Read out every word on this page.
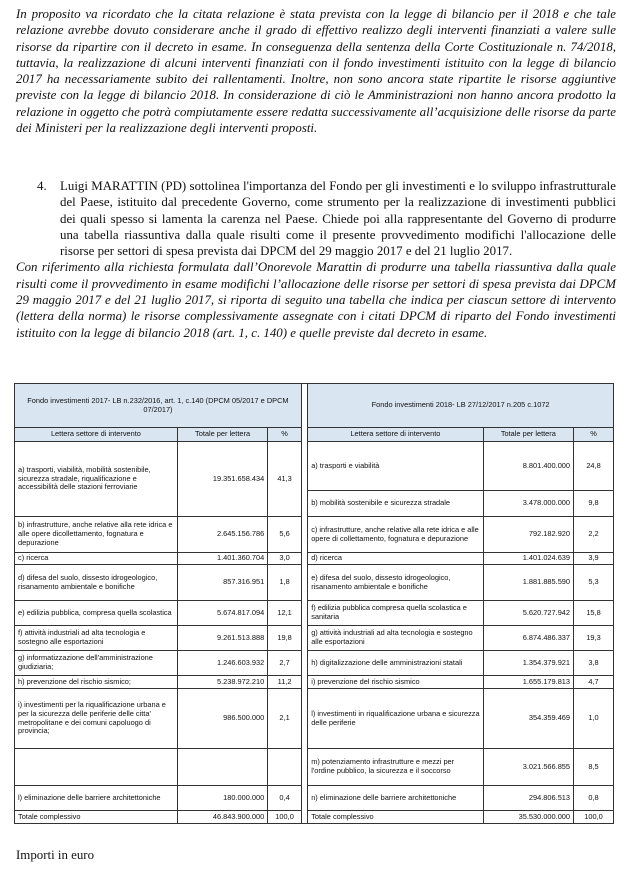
In proposito va ricordato che la citata relazione è stata prevista con la legge di bilancio per il 2018 e che tale relazione avrebbe dovuto considerare anche il grado di effettivo realizzo degli interventi finanziati a valere sulle risorse da ripartire con il decreto in esame. In conseguenza della sentenza della Corte Costituzionale n. 74/2018, tuttavia, la realizzazione di alcuni interventi finanziati con il fondo investimenti istituito con la legge di bilancio 2017 ha necessariamente subito dei rallentamenti. Inoltre, non sono ancora state ripartite le risorse aggiuntive previste con la legge di bilancio 2018. In considerazione di ciò le Amministrazioni non hanno ancora prodotto la relazione in oggetto che potrà compiutamente essere redatta successivamente all’acquisizione delle risorse da parte dei Ministeri per la realizzazione degli interventi proposti.

4. Luigi MARATTIN (PD) sottolinea l'importanza del Fondo per gli investimenti e lo sviluppo infrastrutturale del Paese, istituito dal precedente Governo, come strumento per la realizzazione di investimenti pubblici dei quali spesso si lamenta la carenza nel Paese. Chiede poi alla rappresentante del Governo di produrre una tabella riassuntiva dalla quale risulti come il presente provvedimento modifichi l'allocazione delle risorse per settori di spesa prevista dai DPCM del 29 maggio 2017 e del 21 luglio 2017.

Con riferimento alla richiesta formulata dall’Onorevole Marattin di produrre una tabella riassuntiva dalla quale risulti come il provvedimento in esame modifichi l’allocazione delle risorse per settori di spesa prevista dai DPCM 29 maggio 2017 e del 21 luglio 2017, si riporta di seguito una tabella che indica per ciascun settore di intervento (lettera della norma) le risorse complessivamente assegnate con i citati DPCM di riparto del Fondo investimenti istituito con la legge di bilancio 2018 (art. 1, c. 140) e quelle previste dal decreto in esame.

Fondo investimenti 2017- LB n.232/2016, art. 1, c.140 (DPCM 05/2017 e DPCM 07/2017)				Fondo investimenti 2018- LB 27/12/2017 n.205 c.1072		
Lettera settore di intervento	Totale per lettera	%		Lettera settore di intervento	Totale per lettera	%
a) trasporti, viabilità, mobilità sostenibile, sicurezza stradale, riqualificazione e accessibilità delle stazioni ferroviarie	19.351.658.434	41,3		a) trasporti e viabilità	8.801.400.000	24,8
				b) mobilità sostenibile e sicurezza stradale	3.478.000.000	9,8
b) infrastrutture, anche relative alla rete idrica e alle opere dicollettamento, fognatura e depurazione	2.645.156.786	5,6		c) infrastrutture, anche relative alla rete idrica e alle opere di collettamento, fognatura e depurazione	792.182.920	2,2
c) ricerca	1.401.360.704	3,0		d) ricerca	1.401.024.639	3,9
d) difesa del suolo, dissesto idrogeologico, risanamento ambientale e bonifiche	857.316.951	1,8		e) difesa del suolo, dissesto idrogeologico, risanamento ambientale e bonifiche	1.881.885.590	5,3
e) edilizia pubblica, compresa quella scolastica	5.674.817.094	12,1		f) edilizia pubblica compresa quella scolastica e sanitaria	5.620.727.942	15,8
f) attività industriali ad alta tecnologia e sostegno alle esportazioni	9.261.513.888	19,8		g) attività industriali ad alta tecnologia e sostegno alle esportazioni	6.874.486.337	19,3
g) informatizzazione dell'amministrazione giudiziaria;	1.246.603.932	2,7		h) digitalizzazione delle amministrazioni statali	1.354.379.921	3,8
h) prevenzione del rischio sismico;	5.238.972.210	11,2		i) prevenzione del rischio sismico	1.655.179.813	4,7
i) investimenti per la riqualificazione urbana e per la sicurezza delle periferie delle citta' metropolitane e dei comuni capoluogo di provincia;	986.500.000	2,1		l) investimenti in riqualificazione urbana e sicurezza delle periferie	354.359.469	1,0
				m) potenziamento infrastrutture e mezzi per l'ordine pubblico, la sicurezza e il soccorso	3.021.566.855	8,5
l) eliminazione delle barriere architettoniche	180.000.000	0,4		n) eliminazione delle barriere architettoniche	294.806.513	0,8
Totale complessivo	46.843.900.000	100,0		Totale complessivo	35.530.000.000	100,0
Importi in euro
